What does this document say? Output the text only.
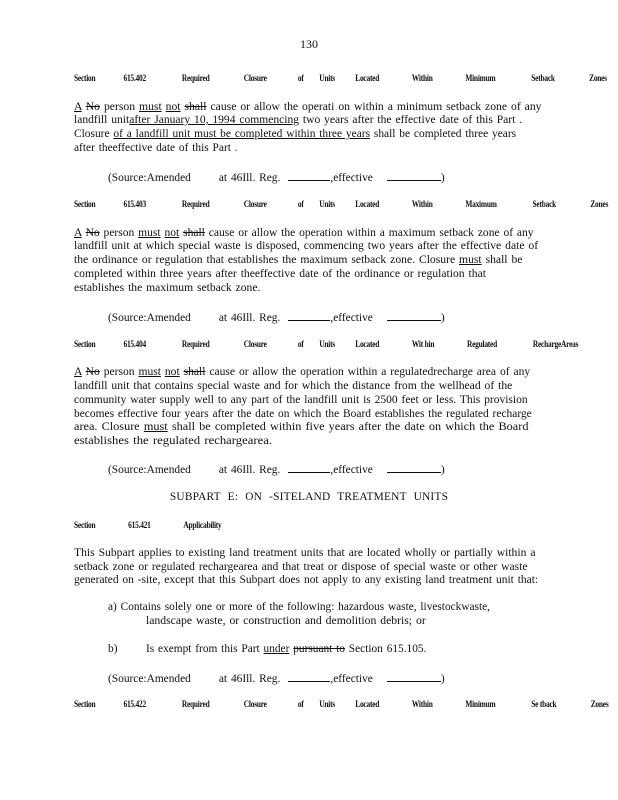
130
Section	615.402	Required	Closure	of Units Located	Within	Minimum	Setback	Zones
A No person must not shall cause or allow the operati on within a minimum setback zone of any
landfill unitafter January 10, 1994 commencing two years after the effective date of this Part .
Closure of a landfill unit must be completed within three years shall be completed three years
after theeffective date of this Part .
(Source:Amended at 46Ill. Reg.	,effective	)
Section	615.403	Required	Closure	of Units Located	Within	Maximum	Setback	Zones
A No person must not shall cause or allow the operation within a maximum setback zone of any
landfill unit at which special waste is disposed, commencing two years after the effective date of
the ordinance or regulation that establishes the maximum setback zone. Closure must shall be
completed within three years after theeffective date of the ordinance or regulation that
establishes the maximum setback zone.
(Source:Amended at 46Ill. Reg.	,effective	)
Section	615.404	Required	Closure	of Units Located	Wit hin	Regulated	RechargeAreas
A No person must not shall cause or allow the operation within a regulatedrecharge area of any
landfill unit that contains special waste and for which the distance from the wellhead of the
community water supply well to any part of the landfill unit is 2500 feet or less. This provision
becomes effective four years after the date on which the Board establishes the regulated recharge
area. Closure must shall be completed within five years after the date on which the Board
establishes the regulated rechargearea.
(Source:Amended at 46Ill. Reg.	,effective	)
SUBPART E: ON -SITELAND TREATMENT UNITS
Section	615.421	Applicability
This Subpart applies to existing land treatment units that are located wholly or partially within a
setback zone or regulated rechargearea and that treat or dispose of special waste or other waste
generated on -site, except that this Subpart does not apply to any existing land treatment unit that:
a) Contains solely one or more of the following: hazardous waste, livestockwaste,
landscape waste, or construction and demolition debris; or
b)	Is exempt from this Part under pursuant to Section 615.105.
(Source:Amended at 46Ill. Reg.	,effective	)
Section	615.422	Required	Closure	of Units Located	Within	Minimum	Se tback	Zones
